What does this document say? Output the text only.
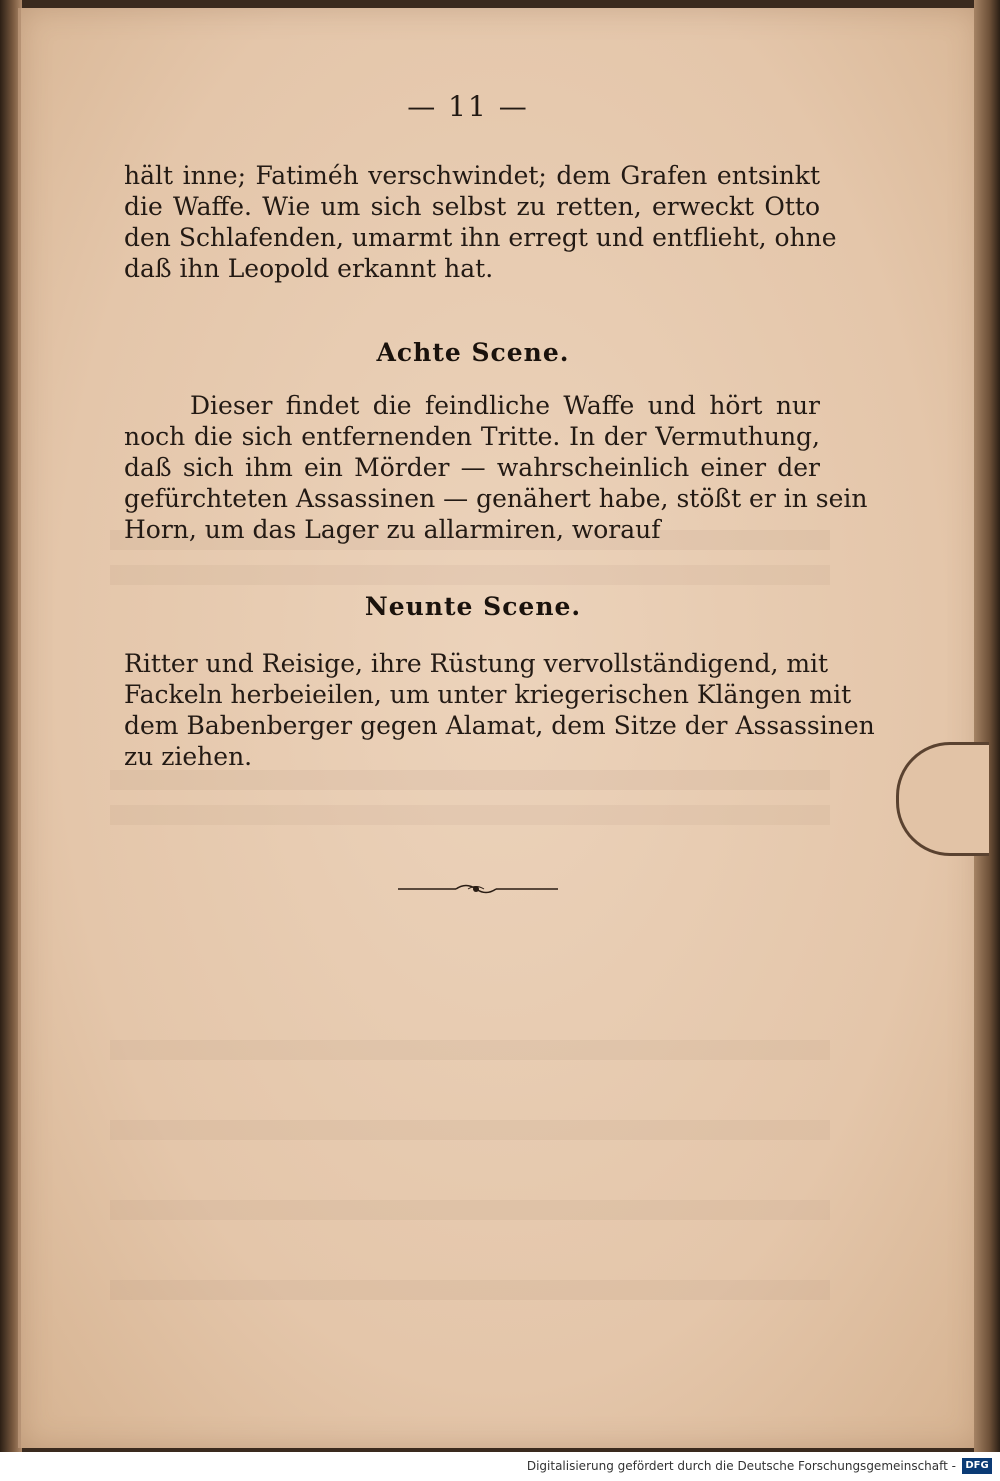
— 11 —
hält inne; Fatiméh verschwindet; dem Grafen entsinkt
die Waffe. Wie um sich selbst zu retten, erweckt Otto
den Schlafenden, umarmt ihn erregt und entflieht, ohne
daß ihn Leopold erkannt hat.
Achte Scene.
Dieser findet die feindliche Waffe und hört nur
noch die sich entfernenden Tritte. In der Vermuthung,
daß sich ihm ein Mörder — wahrscheinlich einer der
gefürchteten Assassinen — genähert habe, stößt er in sein
Horn, um das Lager zu allarmiren, worauf
Neunte Scene.
Ritter und Reisige, ihre Rüstung vervollständigend, mit
Fackeln herbeieilen, um unter kriegerischen Klängen mit
dem Babenberger gegen Alamat, dem Sitze der Assassinen
zu ziehen.
Digitalisierung gefördert durch die Deutsche Forschungsgemeinschaft - DFG
